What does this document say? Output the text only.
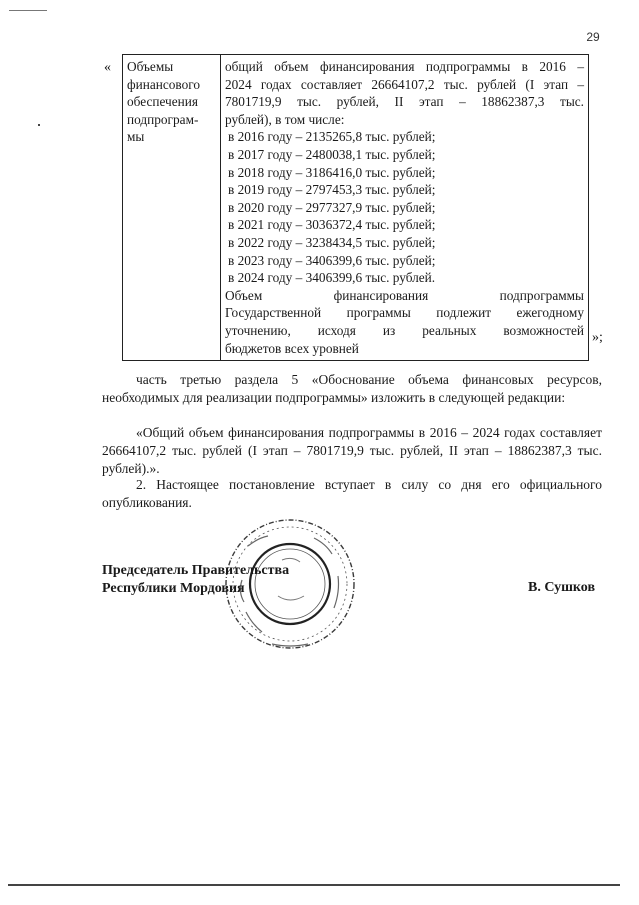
29
« Объемы
финансового
обеспечения
подпрограм-
мы

общий объем финансирования подпрограммы в 2016 –
2024 годах составляет 26664107,2 тыс. рублей (I этап –
7801719,9 тыс. рублей, II этап – 18862387,3 тыс.
рублей), в том числе:
в 2016 году – 2135265,8 тыс. рублей;
в 2017 году – 2480038,1 тыс. рублей;
в 2018 году – 3186416,0 тыс. рублей;
в 2019 году – 2797453,3 тыс. рублей;
в 2020 году – 2977327,9 тыс. рублей;
в 2021 году – 3036372,4 тыс. рублей;
в 2022 году – 3238434,5 тыс. рублей;
в 2023 году – 3406399,6 тыс. рублей;
в 2024 году – 3406399,6 тыс. рублей.
Объем финансирования подпрограммы
Государственной программы подлежит ежегодному
уточнению, исходя из реальных возможностей
бюджетов всех уровней
»;

часть третью раздела 5 «Обоснование объема финансовых ресурсов, необходимых для реализации подпрограммы» изложить в следующей редакции:

«Общий объем финансирования подпрограммы в 2016 – 2024 годах составляет 26664107,2 тыс. рублей (I этап – 7801719,9 тыс. рублей, II этап – 18862387,3 тыс. рублей).».

2. Настоящее постановление вступает в силу со дня его официального опубликования.

Председатель Правительства
Республики Мордовия	В. Сушков
